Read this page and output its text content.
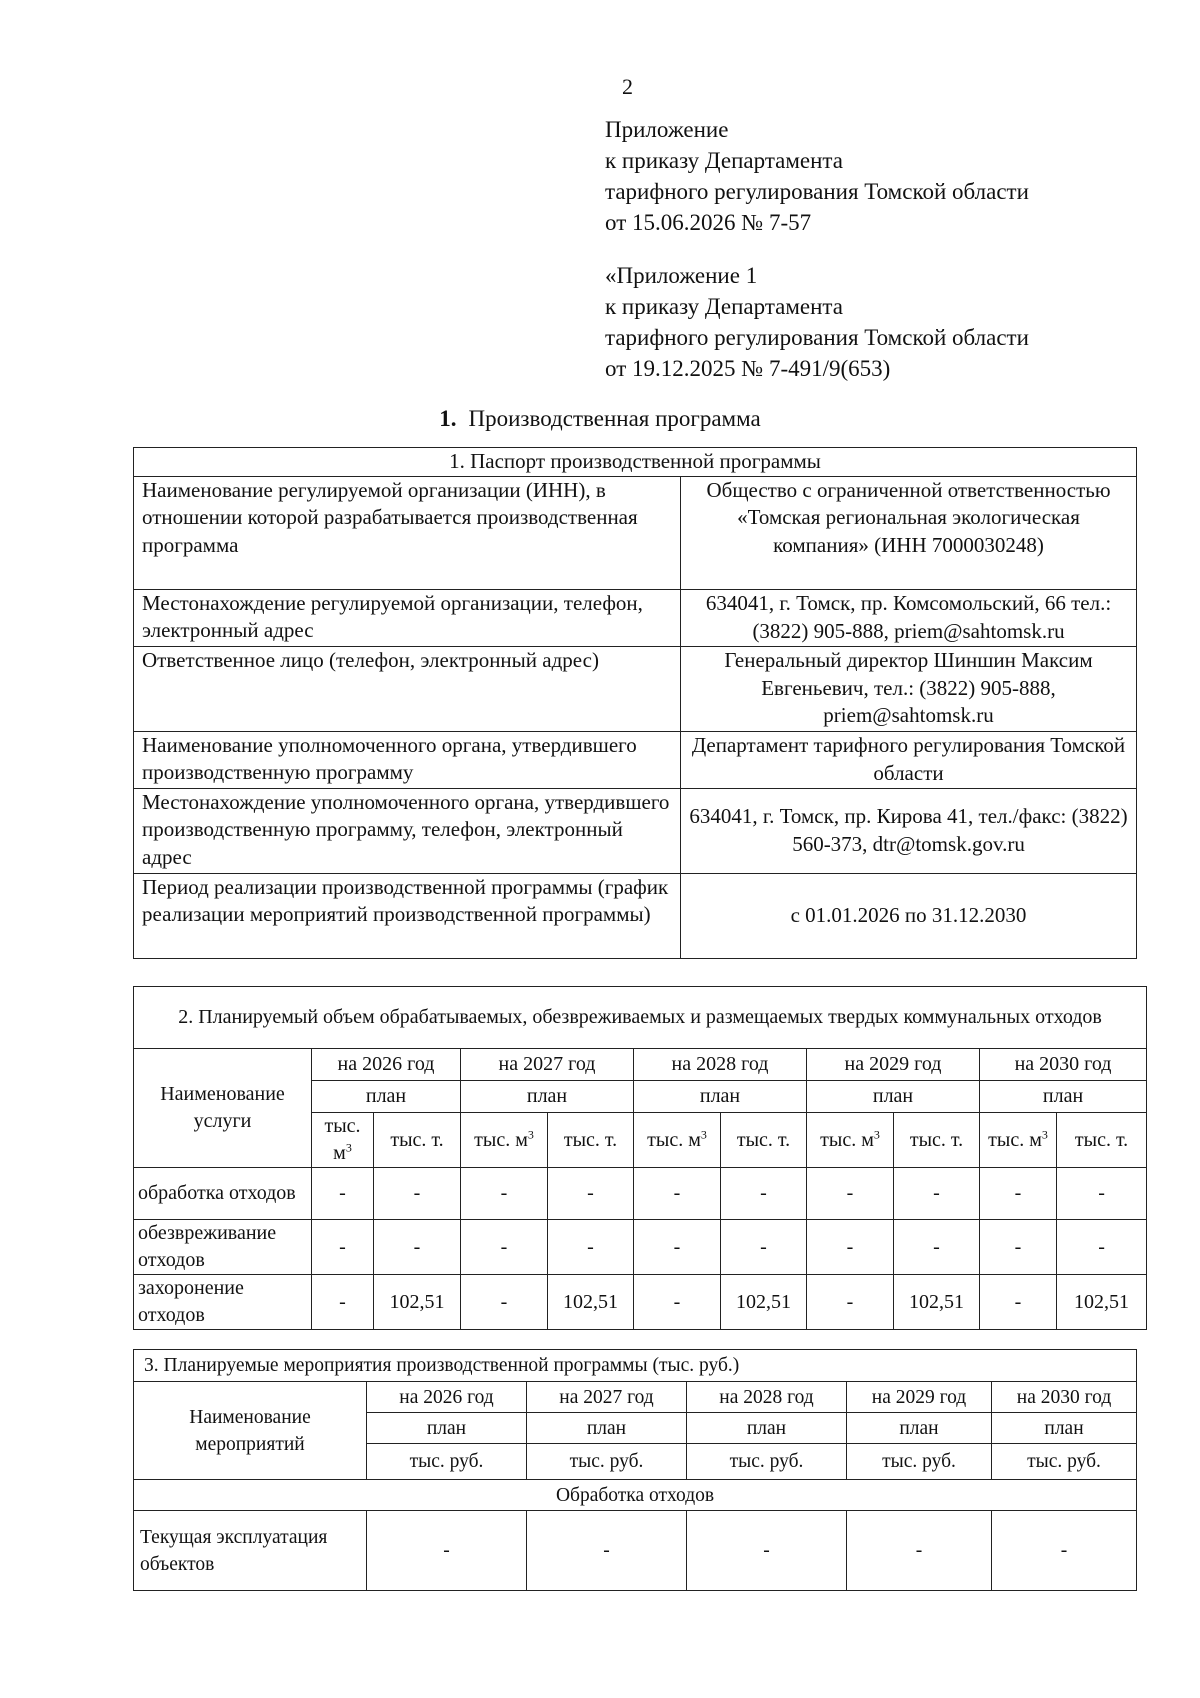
2
Приложение
к приказу Департамента
тарифного регулирования Томской области
от 15.06.2026 № 7-57
«Приложение 1
к приказу Департамента
тарифного регулирования Томской области
от 19.12.2025 № 7-491/9(653)
1. Производственная программа
1. Паспорт производственной программы	
Наименование регулируемой организации (ИНН), в отношении которой разрабатывается производственная программа	Общество с ограниченной ответственностью «Томская региональная экологическая компания» (ИНН 7000030248)
Местонахождение регулируемой организации, телефон, электронный адрес	634041, г. Томск, пр. Комсомольский, 66 тел.: (3822) 905-888, priem@sahtomsk.ru
Ответственное лицо (телефон, электронный адрес)	Генеральный директор Шиншин Максим Евгеньевич, тел.: (3822) 905-888, priem@sahtomsk.ru
Наименование уполномоченного органа, утвердившего производственную программу	Департамент тарифного регулирования Томской области
Местонахождение уполномоченного органа, утвердившего производственную программу, телефон, электронный адрес	634041, г. Томск, пр. Кирова 41, тел./факс: (3822) 560-373, dtr@tomsk.gov.ru
Период реализации производственной программы (график реализации мероприятий производственной программы)	с 01.01.2026 по 31.12.2030
2. Планируемый объем обрабатываемых, обезвреживаемых и размещаемых твердых коммунальных отходов										
Наименование услуги	на 2026 год		на 2027 год		на 2028 год		на 2029 год		на 2030 год	
	план		план		план		план		план	
	тыс. $м^3$	тыс. т.	тыс. $м^3$	тыс. т.	тыс. $м^3$	тыс. т.	тыс. $м^3$	тыс. т.	тыс. $м^3$	тыс. т.
обработка отходов	-	-	-	-	-	-	-	-	-	-
обезвреживание отходов	-	-	-	-	-	-	-	-	-	-
захоронение отходов	-	102,51	-	102,51	-	102,51	-	102,51	-	102,51
3. Планируемые мероприятия производственной программы (тыс. руб.)					
Наименование мероприятий	на 2026 год	на 2027 год	на 2028 год	на 2029 год	на 2030 год
	план	план	план	план	план
	тыс. руб.	тыс. руб.	тыс. руб.	тыс. руб.	тыс. руб.
Обработка отходов					
Текущая эксплуатация объектов	-	-	-	-	-
